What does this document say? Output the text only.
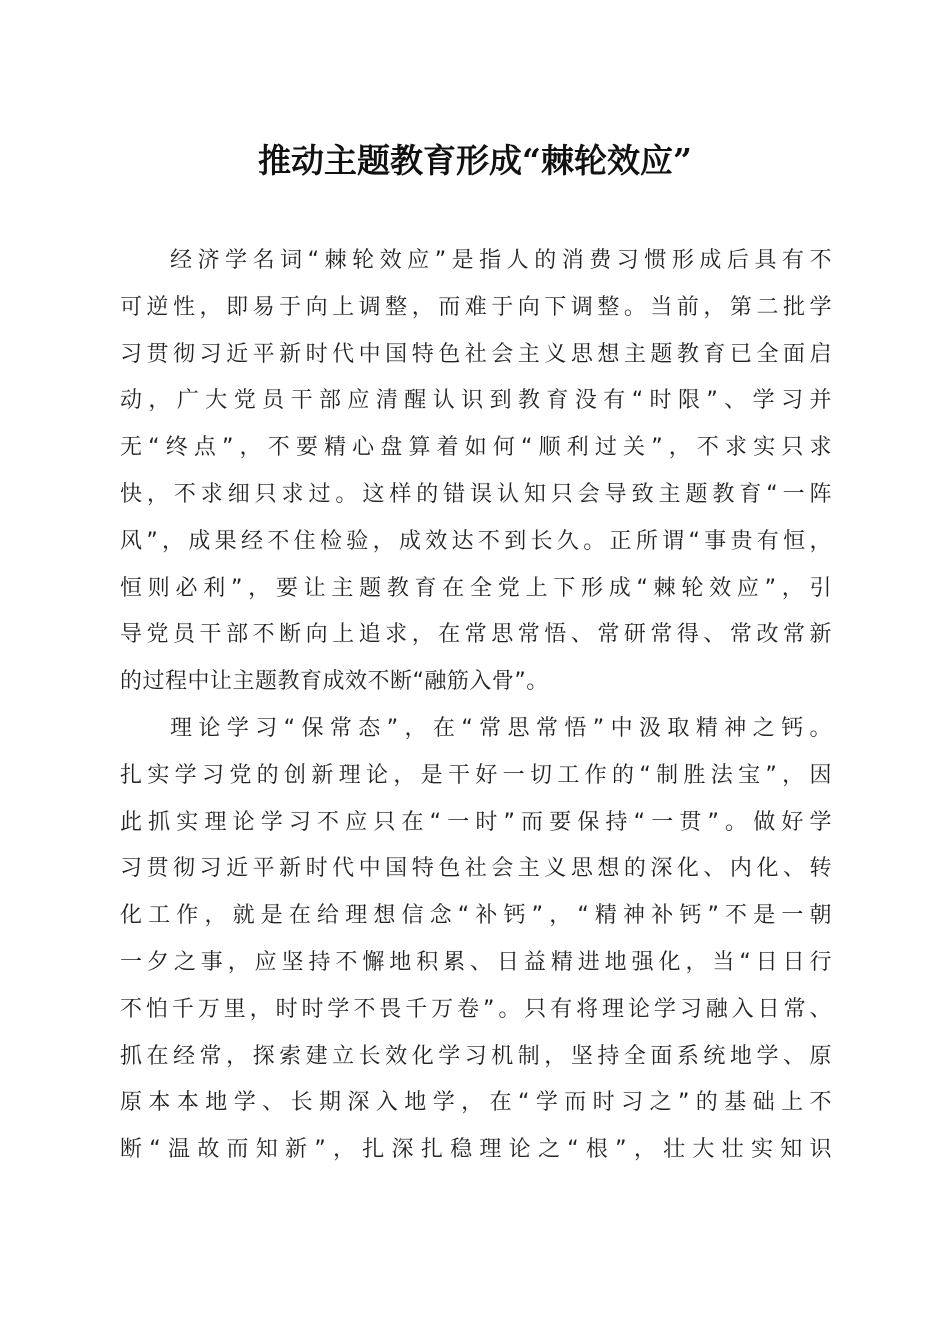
推动主题教育形成“棘轮效应”
经济学名词“棘轮效应”是指人的消费习惯形成后具有不
可逆性，即易于向上调整，而难于向下调整。当前，第二批学
习贯彻习近平新时代中国特色社会主义思想主题教育已全面启
动，广大党员干部应清醒认识到教育没有“时限”、学习并
无“终点”，不要精心盘算着如何“顺利过关”，不求实只求
快，不求细只求过。这样的错误认知只会导致主题教育“一阵
风”，成果经不住检验，成效达不到长久。正所谓“事贵有恒，
恒则必利”，要让主题教育在全党上下形成“棘轮效应”，引
导党员干部不断向上追求，在常思常悟、常研常得、常改常新
的过程中让主题教育成效不断“融筋入骨”。
理论学习“保常态”，在“常思常悟”中汲取精神之钙。
扎实学习党的创新理论，是干好一切工作的“制胜法宝”，因
此抓实理论学习不应只在“一时”而要保持“一贯”。做好学
习贯彻习近平新时代中国特色社会主义思想的深化、内化、转
化工作，就是在给理想信念“补钙”，“精神补钙”不是一朝
一夕之事，应坚持不懈地积累、日益精进地强化，当“日日行
不怕千万里，时时学不畏千万卷”。只有将理论学习融入日常、
抓在经常，探索建立长效化学习机制，坚持全面系统地学、原
原本本地学、长期深入地学，在“学而时习之”的基础上不
断“温故而知新”，扎深扎稳理论之“根”，壮大壮实知识
